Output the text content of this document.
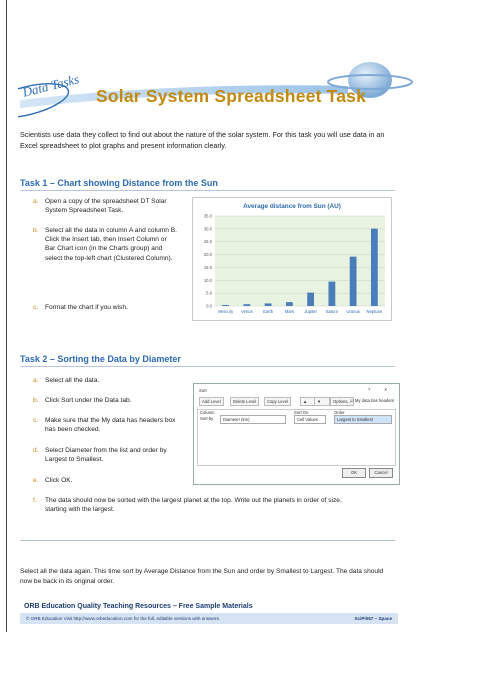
Data Tasks Solar System Spreadsheet Task
Scientists use data they collect to find out about the nature of the solar system. For this task you will use data in an Excel spreadsheet to plot graphs and present information clearly.
Task 1 – Chart showing Distance from the Sun
a. Open a copy of the spreadsheet DT Solar System Spreadsheet Task.
b. Select all the data in column A and column B. Click the Insert tab, then Insert Column or Bar Chart icon (in the Charts group) and select the top-left chart (Clustered Column).
c. Format the chart if you wish.
Average distance from Sun (AU)
0.0
5.0
10.0
15.0
20.0
25.0
30.0
35.0
Mercury Venus Earth	Mars Jupiter Saturn Uranus Neptune
Task 2 – Sorting the Data by Diameter
a. Select all the data.
b. Click Sort under the Data tab.
c. Make sure that the My data has headers box has been checked.
d. Select Diameter from the list and order by Largest to Smallest.
e. Click OK.
f. The data should now be sorted with the largest planet at the top. Write out the planets in order of size, starting with the largest.
Sort	?	✕
Add Level	Delete Level	Copy Level	▲	▼	Options... ☑ My data has headers
Column	Sort On	Order
Sort by	Diameter (km)	Cell Values	Largest to Smallest
OK	Cancel
Select all the data again. This time sort by Average Distance from the Sun and order by Smallest to Largest. The data should now be back in its original order.
ORB Education Quality Teaching Resources – Free Sample Materials
© ORB Education Visit http://www.orbeducation.com for the full, editable versions with answers.	SciPi057 – Space
